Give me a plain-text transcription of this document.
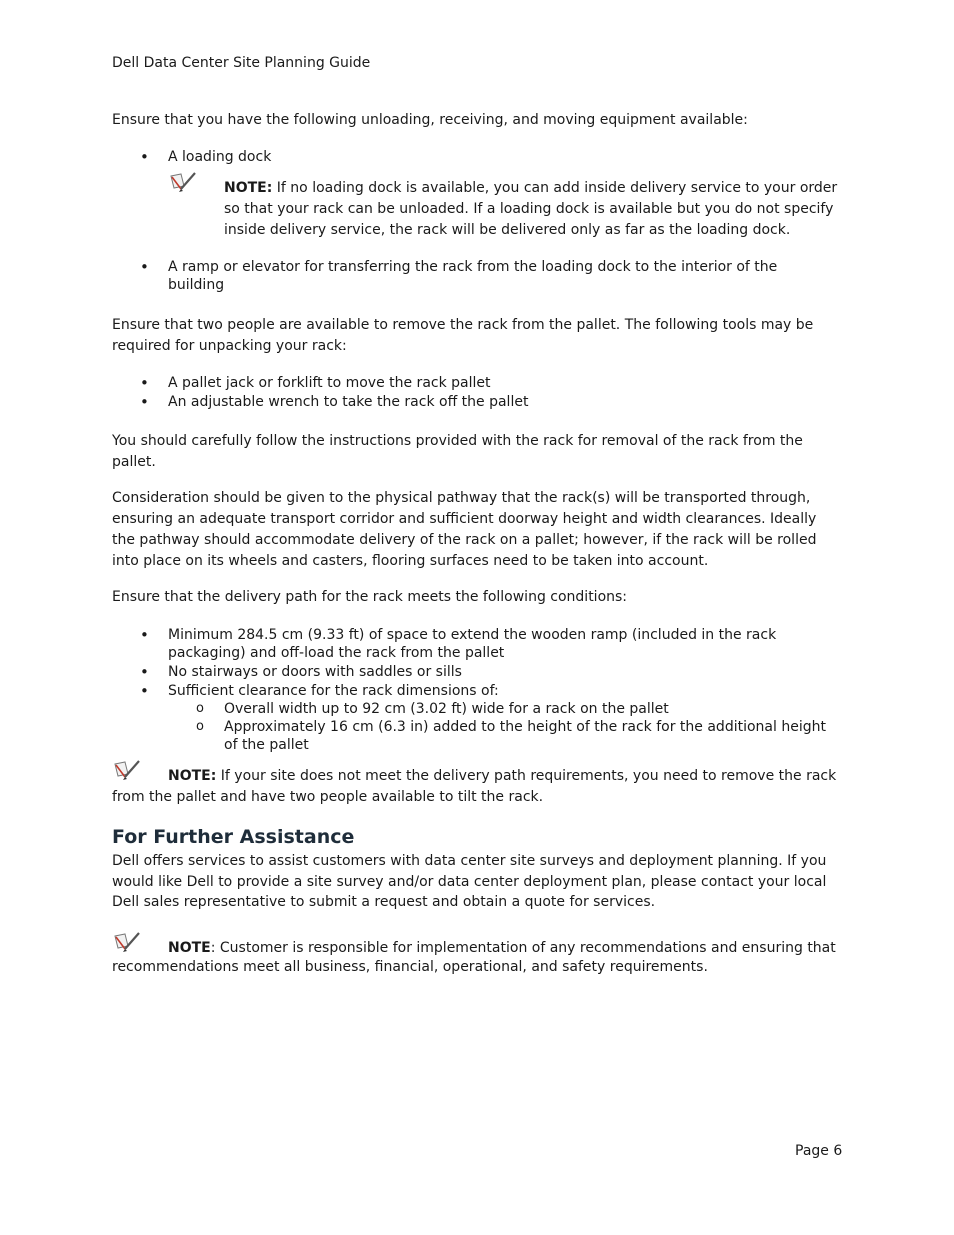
Dell Data Center Site Planning Guide
Ensure that you have the following unloading, receiving, and moving equipment available:
• A loading dock
NOTE: If no loading dock is available, you can add inside delivery service to your order
so that your rack can be unloaded. If a loading dock is available but you do not specify
inside delivery service, the rack will be delivered only as far as the loading dock.
• A ramp or elevator for transferring the rack from the loading dock to the interior of the
building
Ensure that two people are available to remove the rack from the pallet. The following tools may be
required for unpacking your rack:
• A pallet jack or forklift to move the rack pallet
• An adjustable wrench to take the rack off the pallet
You should carefully follow the instructions provided with the rack for removal of the rack from the
pallet.
Consideration should be given to the physical pathway that the rack(s) will be transported through,
ensuring an adequate transport corridor and sufficient doorway height and width clearances. Ideally
the pathway should accommodate delivery of the rack on a pallet; however, if the rack will be rolled
into place on its wheels and casters, flooring surfaces need to be taken into account.
Ensure that the delivery path for the rack meets the following conditions:
• Minimum 284.5 cm (9.33 ft) of space to extend the wooden ramp (included in the rack
packaging) and off-load the rack from the pallet
• No stairways or doors with saddles or sills
• Sufficient clearance for the rack dimensions of:
o Overall width up to 92 cm (3.02 ft) wide for a rack on the pallet
o Approximately 16 cm (6.3 in) added to the height of the rack for the additional height
of the pallet
NOTE: If your site does not meet the delivery path requirements, you need to remove the rack
from the pallet and have two people available to tilt the rack.
For Further Assistance
Dell offers services to assist customers with data center site surveys and deployment planning. If you
would like Dell to provide a site survey and/or data center deployment plan, please contact your local
Dell sales representative to submit a request and obtain a quote for services.
NOTE: Customer is responsible for implementation of any recommendations and ensuring that
recommendations meet all business, financial, operational, and safety requirements.
Page 6
